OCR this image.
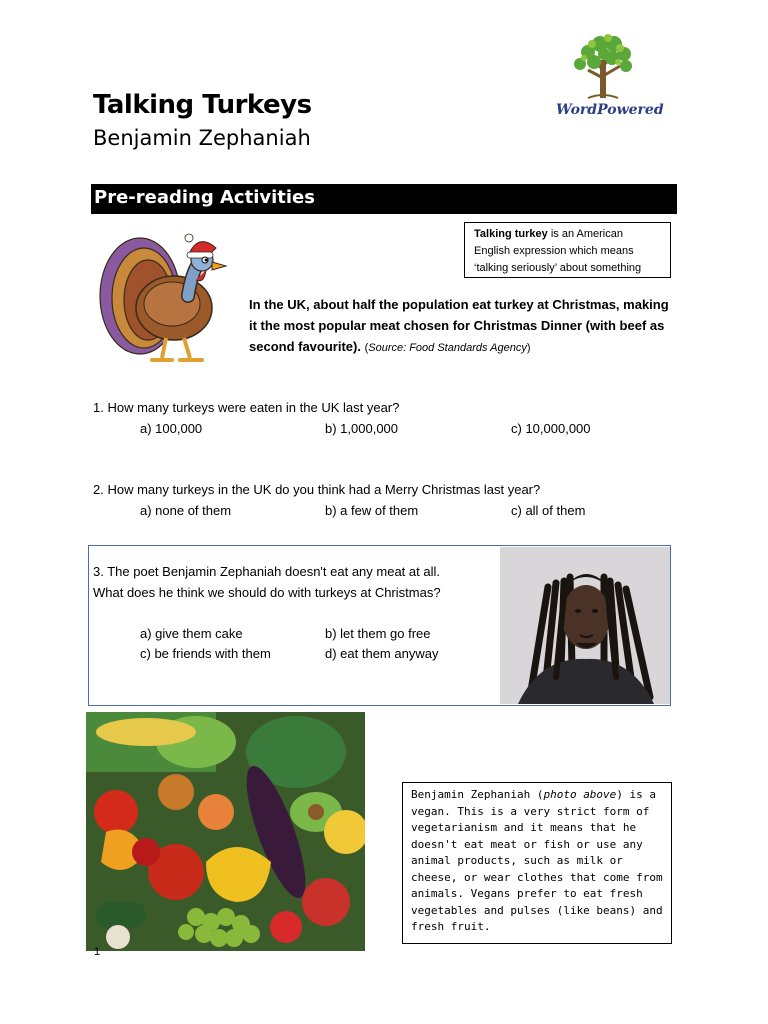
Talking Turkeys
Benjamin Zephaniah
WordPowered
Pre-reading Activities
Talking turkey is an American English expression which means ‘talking seriously’ about something
In the UK, about half the population eat turkey at Christmas, making it the most popular meat chosen for Christmas Dinner (with beef as second favourite). (Source: Food Standards Agency)
1. How many turkeys were eaten in the UK last year?
a) 100,000	b) 1,000,000	c) 10,000,000
2. How many turkeys in the UK do you think had a Merry Christmas last year?
a) none of them	b) a few of them	c) all of them
3. The poet Benjamin Zephaniah doesn't eat any meat at all.
What does he think we should do with turkeys at Christmas?
a) give them cake	b) let them go free
c) be friends with them	d) eat them anyway
Benjamin Zephaniah (photo above) is a vegan. This is a very strict form of vegetarianism and it means that he doesn't eat meat or fish or use any animal products, such as milk or cheese, or wear clothes that come from animals. Vegans prefer to eat fresh vegetables and pulses (like beans) and fresh fruit.
1
